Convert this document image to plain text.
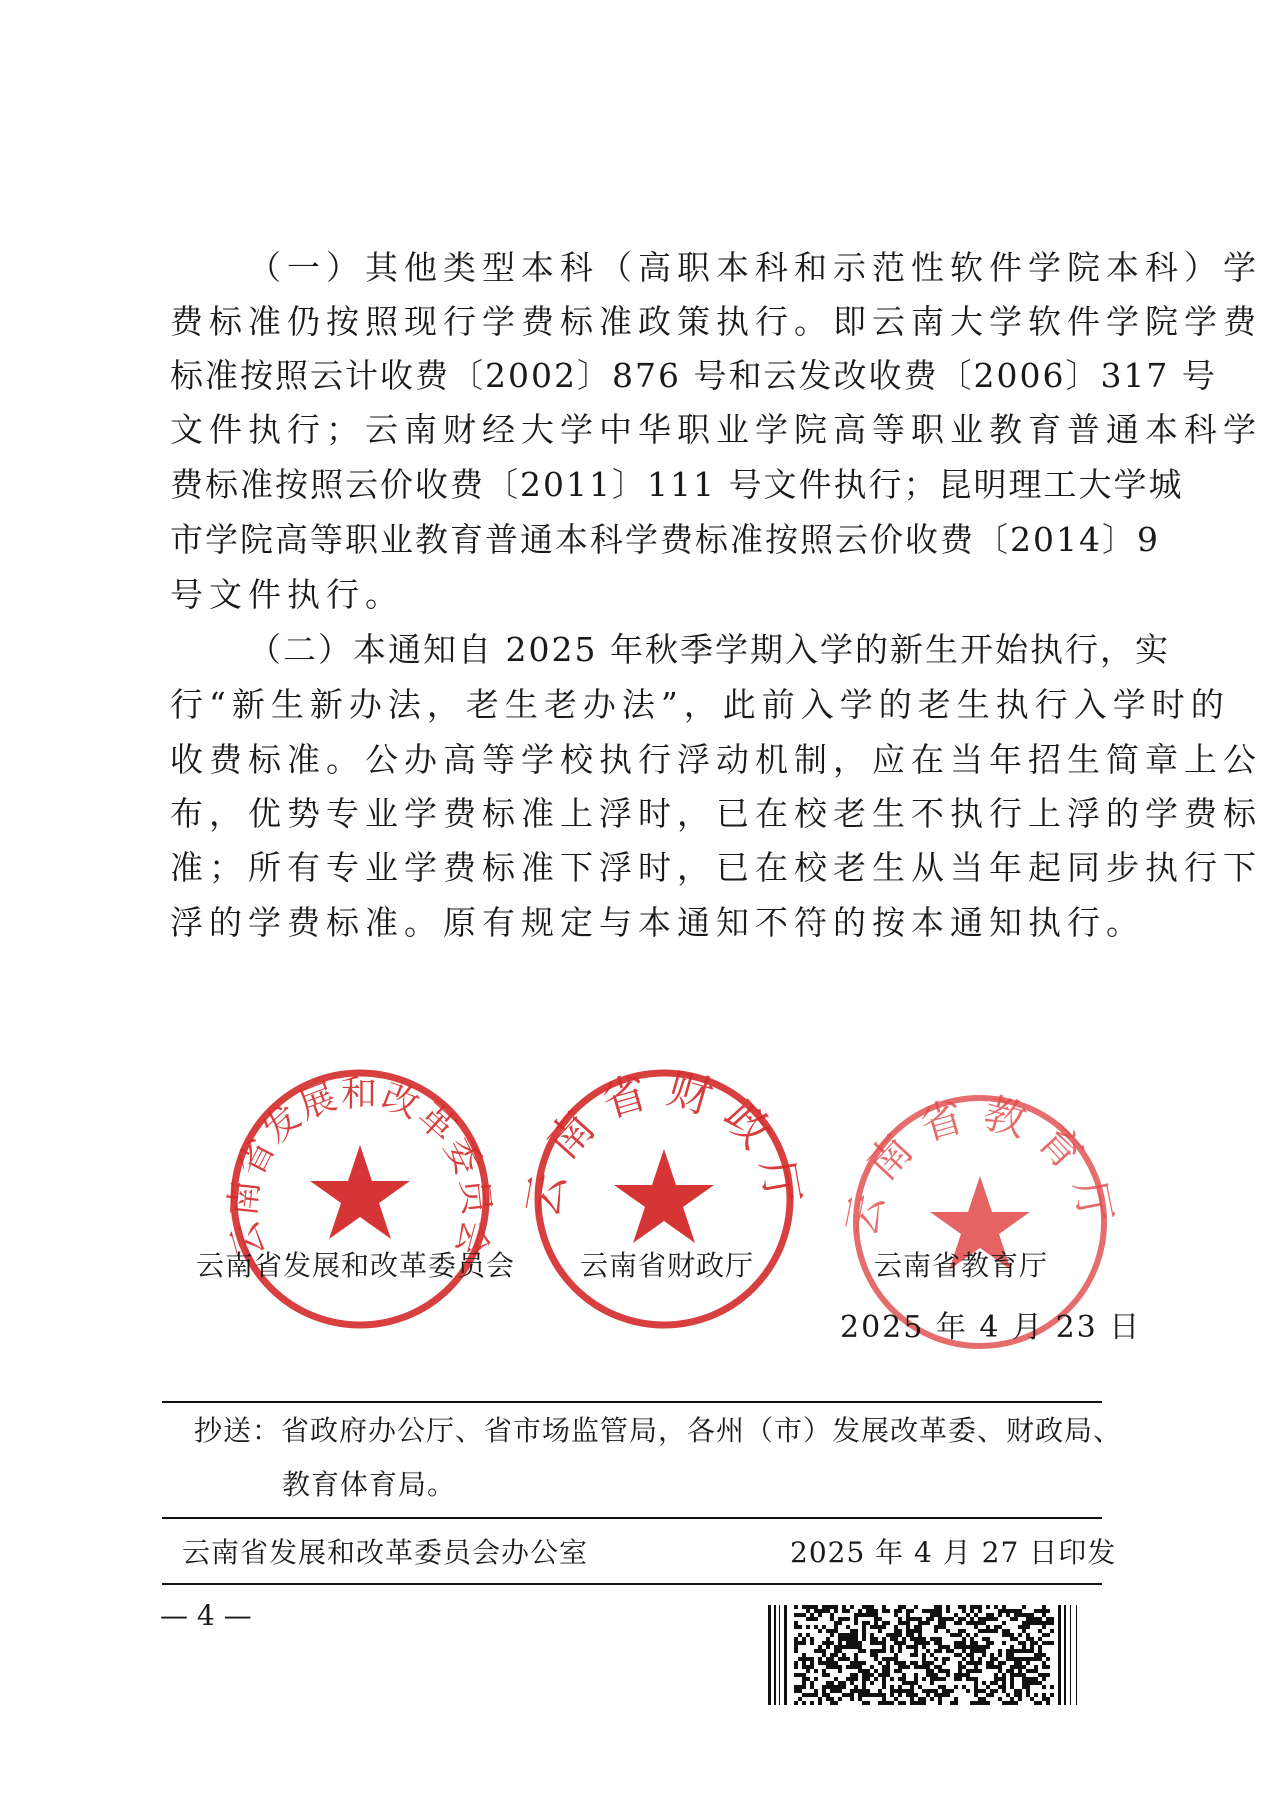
（一）其他类型本科（高职本科和示范性软件学院本科）学
费标准仍按照现行学费标准政策执行。即云南大学软件学院学费
标准按照云计收费〔2002〕876 号和云发改收费〔2006〕317 号
文件执行；云南财经大学中华职业学院高等职业教育普通本科学
费标准按照云价收费〔2011〕111 号文件执行；昆明理工大学城
市学院高等职业教育普通本科学费标准按照云价收费〔2014〕9
号文件执行。
（二）本通知自 2025 年秋季学期入学的新生开始执行，实
行“新生新办法，老生老办法”，此前入学的老生执行入学时的
收费标准。公办高等学校执行浮动机制，应在当年招生简章上公
布，优势专业学费标准上浮时，已在校老生不执行上浮的学费标
准；所有专业学费标准下浮时，已在校老生从当年起同步执行下
浮的学费标准。原有规定与本通知不符的按本通知执行。
云南省发展和改革委员会
云南省财政厅 云南省教育厅
云南省发展和改革委员会 云南省财政厅	云南省教育厅
2025 年 4 月 23 日
抄送：省政府办公厅、省市场监管局，各州（市）发展改革委、财政局、
教育体育局。
云南省发展和改革委员会办公室	2025 年 4 月 27 日印发
— 4 —
